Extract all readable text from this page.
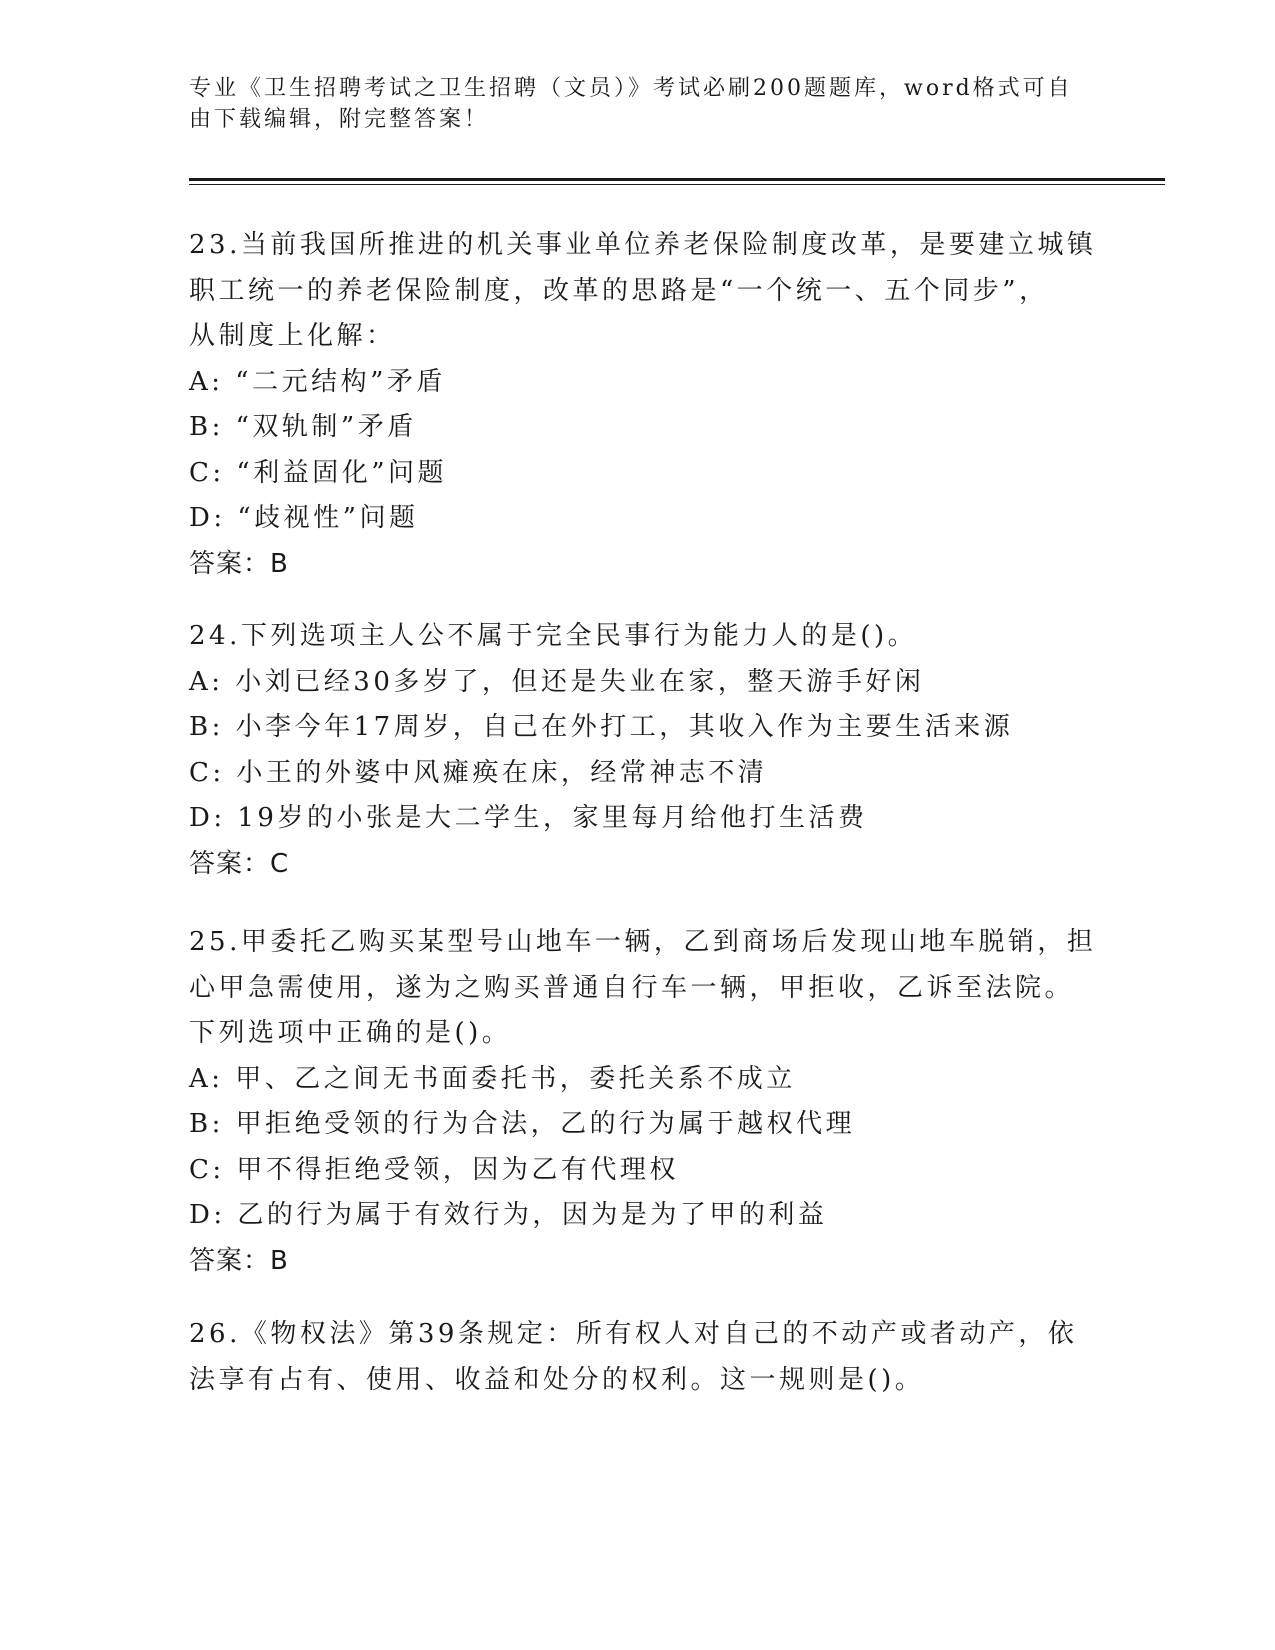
专业《卫生招聘考试之卫生招聘（文员）》考试必刷200题题库，word格式可自
由下载编辑，附完整答案！

23.当前我国所推进的机关事业单位养老保险制度改革，是要建立城镇

职工统一的养老保险制度，改革的思路是“一个统一、五个同步”，

从制度上化解：

A: “二元结构”矛盾

B: “双轨制”矛盾

C: “利益固化”问题

D: “歧视性”问题

答案：B

24.下列选项主人公不属于完全民事行为能力人的是()。

A: 小刘已经30多岁了，但还是失业在家，整天游手好闲

B: 小李今年17周岁，自己在外打工，其收入作为主要生活来源

C: 小王的外婆中风瘫痪在床，经常神志不清

D: 19岁的小张是大二学生，家里每月给他打生活费

答案：C

25.甲委托乙购买某型号山地车一辆，乙到商场后发现山地车脱销，担

心甲急需使用，遂为之购买普通自行车一辆，甲拒收，乙诉至法院。

下列选项中正确的是()。

A: 甲、乙之间无书面委托书，委托关系不成立

B: 甲拒绝受领的行为合法，乙的行为属于越权代理

C: 甲不得拒绝受领，因为乙有代理权

D: 乙的行为属于有效行为，因为是为了甲的利益

答案：B

26.《物权法》第39条规定：所有权人对自己的不动产或者动产，依

法享有占有、使用、收益和处分的权利。这一规则是()。
